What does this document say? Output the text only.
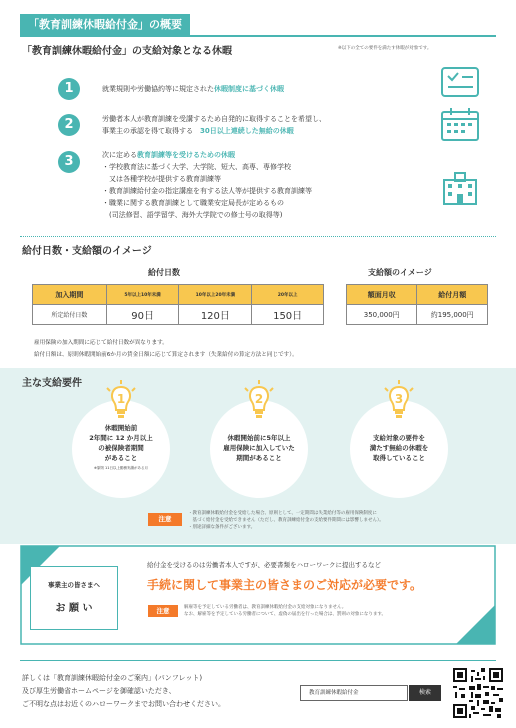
「教育訓練休暇給付金」の概要
「教育訓練休暇給付金」の支給対象となる休暇	※以下の全ての要件を満たす休暇が対象です。
1	就業規則や労働協約等に規定された休暇制度に基づく休暇
2	労働者本人が教育訓練を受講するため自発的に取得することを希望し、
事業主の承認を得て取得する　 30日以上連続した無給の休暇
3	次に定める教育訓練等を受けるための休暇
・学校教育法に基づく大学、大学院、短大、高専、専修学校
　又は各種学校が提供する教育訓練等
・教育訓練給付金の指定講座を有する法人等が提供する教育訓練等
・職業に関する教育訓練として職業安定局長が定めるもの
　(司法修習、語学留学、海外大学院での修士号の取得等)
給付日数・支給額のイメージ
給付日数	支給額のイメージ
加入期間	5年以上10年未満	10年以上20年未満	20年以上
所定給付日数	90日	120日	150日
額面月収	給付月額
350,000円	約195,000円
雇用保険の加入期間に応じて給付日数が異なります。
給付日額は、原則休暇開始前6か月の賃金日額に応じて算定されます（失業給付の算定方法と同じです）。
主な支給要件
1	2	3
休暇開始前
2年間に 12 か月以上
の被保険者期間
があること
※原則 11日以上勤務実績がある月
休暇開始前に5年以上
雇用保険に加入していた
期間があること
支給対象の要件を
満たす無給の休暇を
取得していること
注意
・教育訓練休暇給付金を受給した場合、原則として、一定期間は失業給付等の雇用保険制度に
　基づく給付金を受給できません（ただし、教育訓練給付金の支給要件期間には影響しません）。
・別途詳細な条件がございます。
事業主の皆さまへ
お 願 い
給付金を受けるのは労働者本人ですが、必要書類をハローワークに提出するなど
手続に関して事業主の皆さまのご対応が必要です。
注意	解雇等を予定している労働者は、教育訓練休暇給付金の支給対象になりません。
なお、解雇等を予定している労働者について、虚偽の届出を行った場合は、罰則の対象になります。
詳しくは「教育訓練休暇給付金のご案内」(パンフレット)
及び厚生労働省ホームページを御確認いただき、
ご不明な点はお近くのハローワークまでお問い合わせください。
教育訓練休暇給付金	検索
